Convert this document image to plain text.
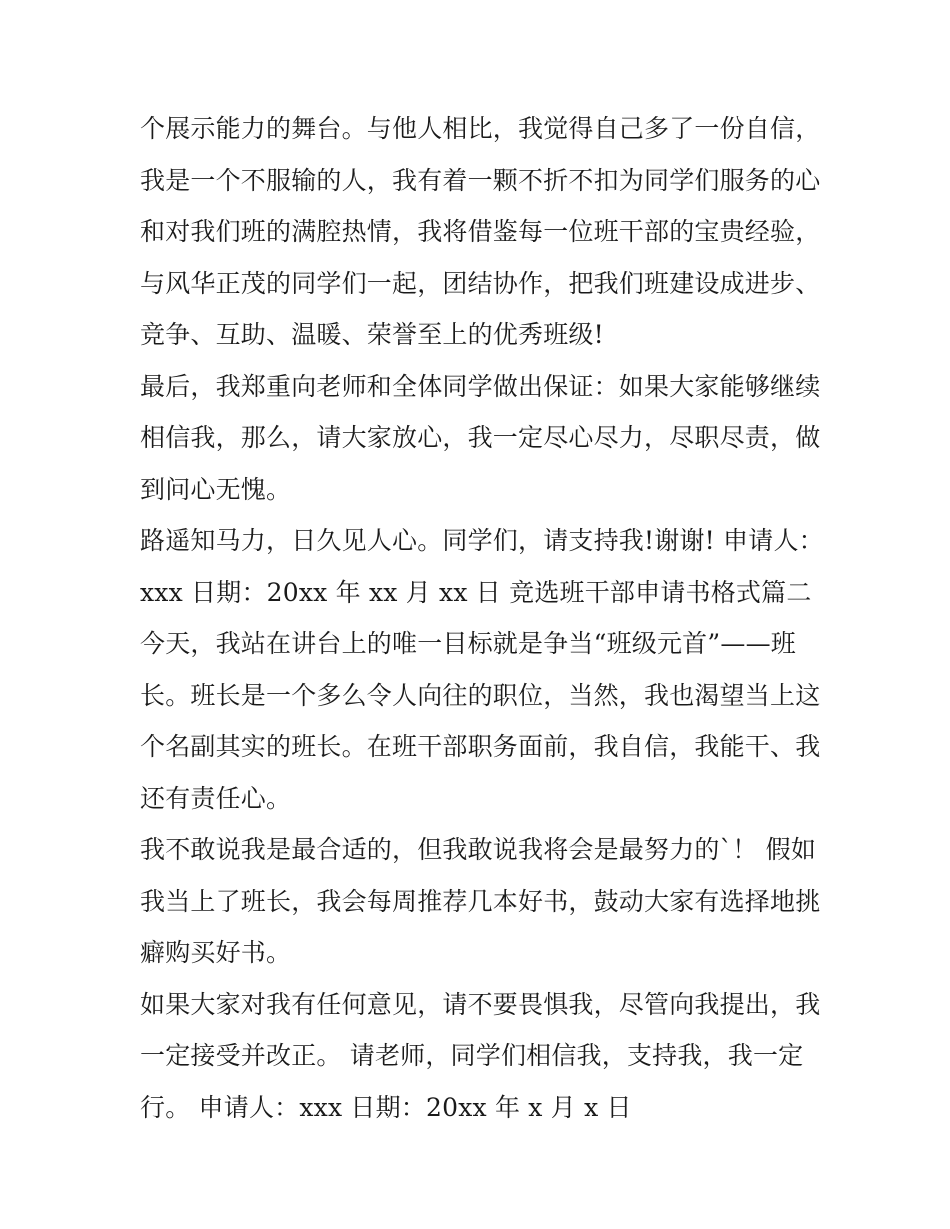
个展示能力的舞台。与他人相比，我觉得自己多了一份自信，
我是一个不服输的人，我有着一颗不折不扣为同学们服务的心
和对我们班的满腔热情，我将借鉴每一位班干部的宝贵经验，
与风华正茂的同学们一起，团结协作，把我们班建设成进步、
竞争、互助、温暖、荣誉至上的优秀班级!
最后，我郑重向老师和全体同学做出保证：如果大家能够继续
相信我，那么，请大家放心，我一定尽心尽力，尽职尽责，做
到问心无愧。
路遥知马力，日久见人心。同学们，请支持我!谢谢! 申请人：
xxx 日期：20xx 年 xx 月 xx 日 竞选班干部申请书格式篇二
今天，我站在讲台上的唯一目标就是争当“班级元首”——班
长。班长是一个多么令人向往的职位，当然，我也渴望当上这
个名副其实的班长。在班干部职务面前，我自信，我能干、我
还有责任心。
我不敢说我是最合适的，但我敢说我将会是最努力的`！ 假如
我当上了班长，我会每周推荐几本好书，鼓动大家有选择地挑
癖购买好书。
如果大家对我有任何意见，请不要畏惧我，尽管向我提出，我
一定接受并改正。 请老师，同学们相信我，支持我，我一定
行。 申请人：xxx 日期：20xx 年 x 月 x 日
